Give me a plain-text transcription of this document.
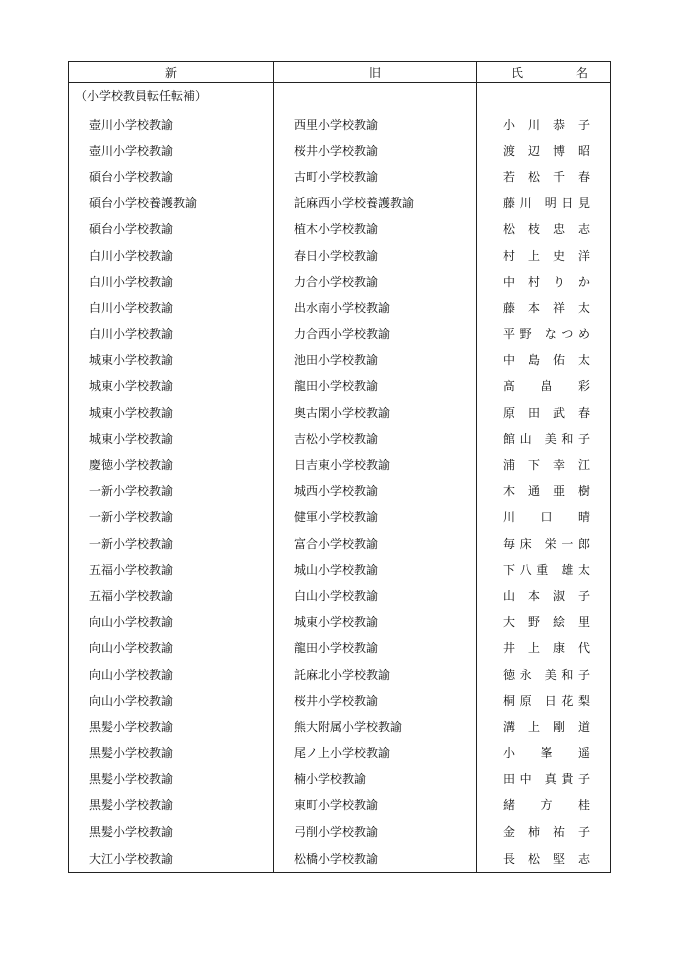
新	旧	氏　　　名

（小学校教員転任転補）		
壺川小学校教諭	西里小学校教諭	小 川 恭 子

壺川小学校教諭	桜井小学校教諭	渡 辺 博 昭

碩台小学校教諭	古町小学校教諭	若 松 千 春

碩台小学校養護教諭	託麻西小学校養護教諭	藤川 明日見

碩台小学校教諭	植木小学校教諭	松 枝 忠 志

白川小学校教諭	春日小学校教諭	村 上 史 洋

白川小学校教諭	力合小学校教諭	中 村 り か

白川小学校教諭	出水南小学校教諭	藤 本 祥 太

白川小学校教諭	力合西小学校教諭	平野 なつめ

城東小学校教諭	池田小学校教諭	中 島 佑 太

城東小学校教諭	龍田小学校教諭	髙 畠 彩

城東小学校教諭	奥古閑小学校教諭	原 田 武 春

城東小学校教諭	吉松小学校教諭	館山 美和子

慶徳小学校教諭	日吉東小学校教諭	浦 下 幸 江

一新小学校教諭	城西小学校教諭	木 通 亜 樹

一新小学校教諭	健軍小学校教諭	川 口 晴

一新小学校教諭	富合小学校教諭	毎床 栄一郎

五福小学校教諭	城山小学校教諭	下八重 雄太

五福小学校教諭	白山小学校教諭	山 本 淑 子

向山小学校教諭	城東小学校教諭	大 野 絵 里

向山小学校教諭	龍田小学校教諭	井 上 康 代

向山小学校教諭	託麻北小学校教諭	徳永 美和子

向山小学校教諭	桜井小学校教諭	桐原 日花梨

黒髪小学校教諭	熊大附属小学校教諭	溝 上 剛 道

黒髪小学校教諭	尾ノ上小学校教諭	小 峯 遥

黒髪小学校教諭	楠小学校教諭	田中 真貴子

黒髪小学校教諭	東町小学校教諭	緒 方 桂

黒髪小学校教諭	弓削小学校教諭	金 柿 祐 子

大江小学校教諭	松橋小学校教諭	長 松 堅 志
